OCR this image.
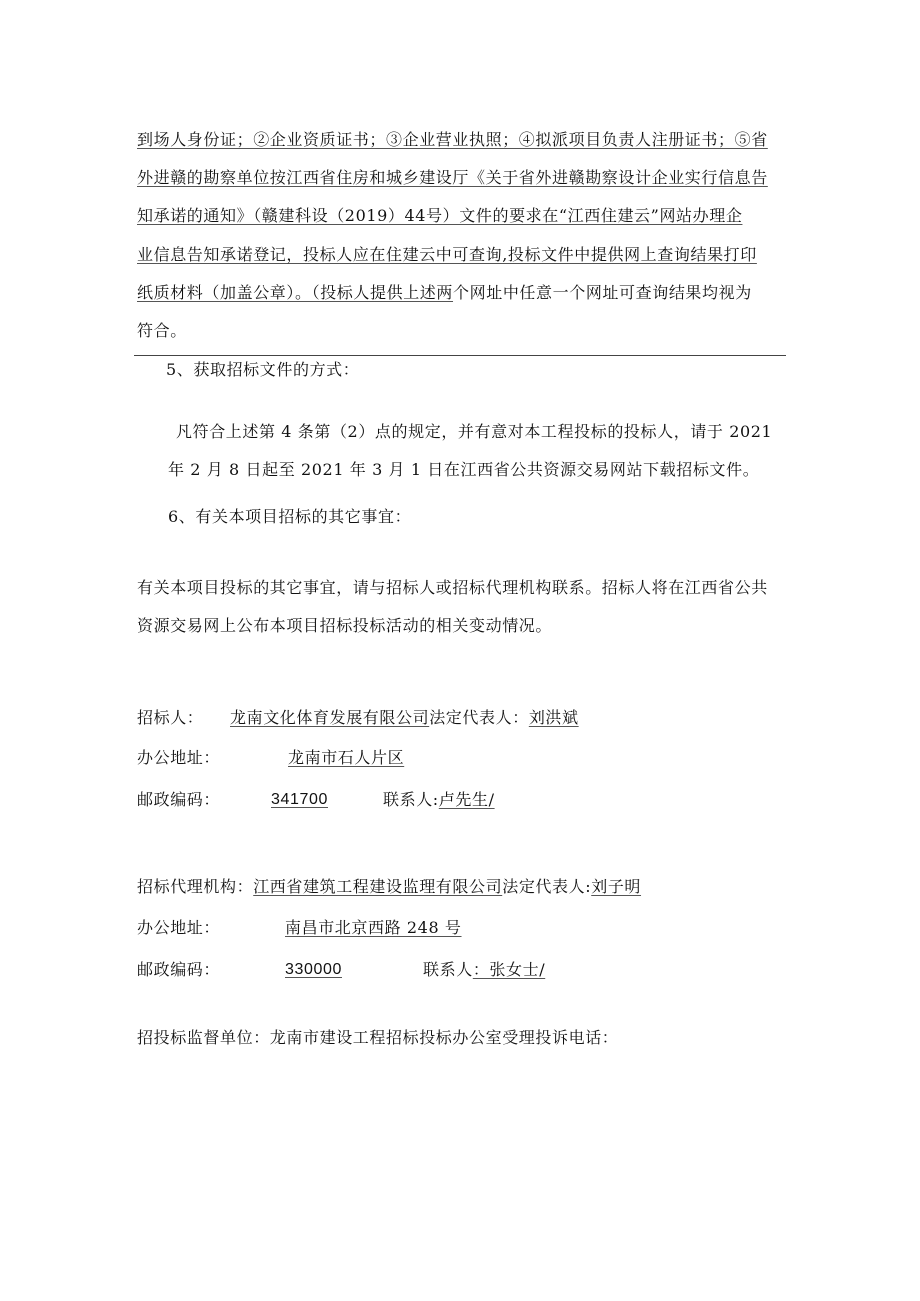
到场人身份证；②企业资质证书；③企业营业执照；④拟派项目负责人注册证书；⑤省
外进赣的勘察单位按江西省住房和城乡建设厅《关于省外进赣勘察设计企业实行信息告
知承诺的通知》（赣建科设（2019）44号）文件的要求在“江西住建云”网站办理企
业信息告知承诺登记，投标人应在住建云中可查询,投标文件中提供网上查询结果打印
纸质材料（加盖公章）。（投标人提供上述两个网址中任意一个网址可查询结果均视为
符合。
5、获取招标文件的方式：
凡符合上述第 4 条第（2）点的规定，并有意对本工程投标的投标人，请于 2021
年 2 月 8 日起至 2021 年 3 月 1 日在江西省公共资源交易网站下载招标文件。
6、有关本项目招标的其它事宜：
有关本项目投标的其它事宜，请与招标人或招标代理机构联系。招标人将在江西省公共
资源交易网上公布本项目招标投标活动的相关变动情况。
招标人： 龙南文化体育发展有限公司法定代表人：刘洪斌
办公地址：	龙南市石人片区
邮政编码：	341700	联系人:卢先生/
招标代理机构：江西省建筑工程建设监理有限公司法定代表人:刘子明
办公地址：	南昌市北京西路 248 号
邮政编码：	330000	联系人：张女士/
招投标监督单位：龙南市建设工程招标投标办公室受理投诉电话：
